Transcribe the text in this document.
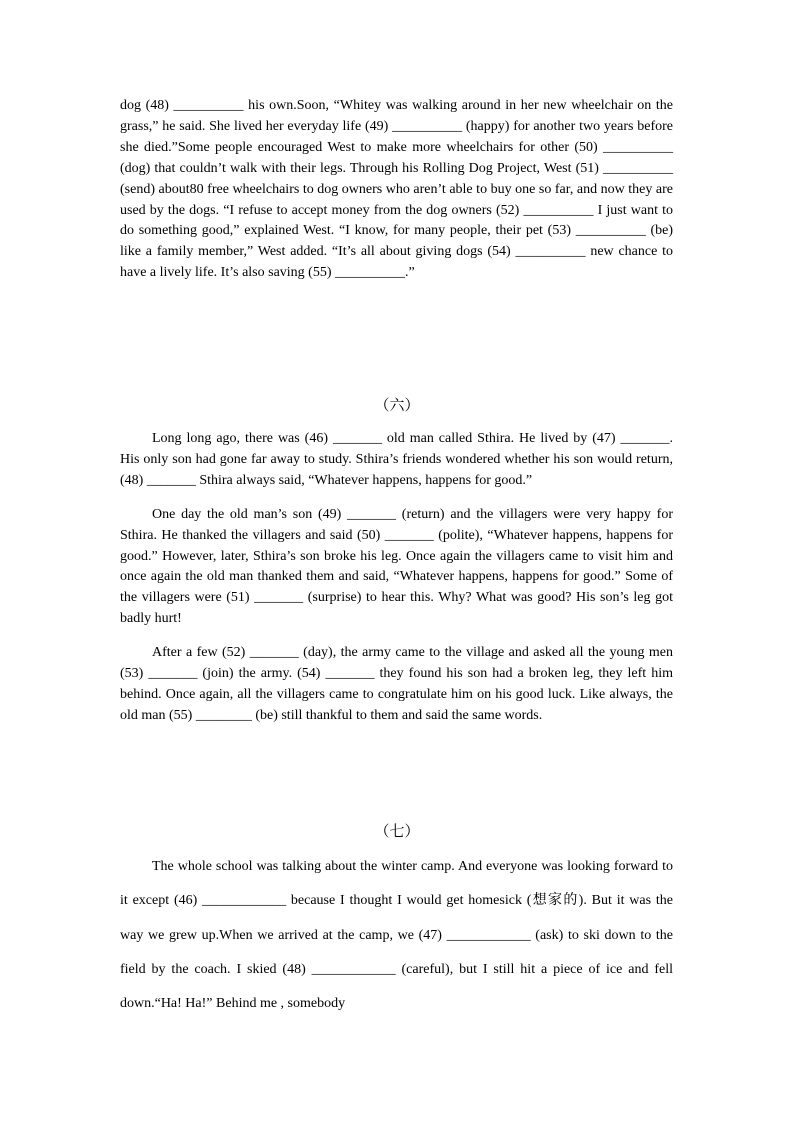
dog (48) __________ his own.Soon, “Whitey was walking around in her new wheelchair on the grass,” he said. She lived her everyday life (49) __________ (happy) for another two years before she died.”Some people encouraged West to make more wheelchairs for other (50) __________ (dog) that couldn’t walk with their legs. Through his Rolling Dog Project, West (51) __________ (send) about80 free wheelchairs to dog owners who aren’t able to buy one so far, and now they are used by the dogs. “I refuse to accept money from the dog owners (52) __________ I just want to do something good,” explained West. “I know, for many people, their pet (53) __________ (be) like a family member,” West added. “It’s all about giving dogs (54) __________ new chance to have a lively life. It’s also saving (55) __________.”

（六）

Long long ago, there was (46) _______ old man called Sthira. He lived by (47) _______. His only son had gone far away to study. Sthira’s friends wondered whether his son would return, (48) _______ Sthira always said, “Whatever happens, happens for good.”

One day the old man’s son (49) _______ (return) and the villagers were very happy for Sthira. He thanked the villagers and said (50) _______ (polite), “Whatever happens, happens for good.” However, later, Sthira’s son broke his leg. Once again the villagers came to visit him and once again the old man thanked them and said, “Whatever happens, happens for good.” Some of the villagers were (51) _______ (surprise) to hear this. Why? What was good? His son’s leg got badly hurt!

After a few (52) _______ (day), the army came to the village and asked all the young men (53) _______ (join) the army. (54) _______ they found his son had a broken leg, they left him behind. Once again, all the villagers came to congratulate him on his good luck. Like always, the old man (55) ________ (be) still thankful to them and said the same words.

（七）

The whole school was talking about the winter camp. And everyone was looking forward to it except (46) ____________ because I thought I would get homesick (想家的). But it was the way we grew up.When we arrived at the camp, we (47) ____________ (ask) to ski down to the field by the coach. I skied (48) ____________ (careful), but I still hit a piece of ice and fell down.“Ha! Ha!” Behind me , somebody
